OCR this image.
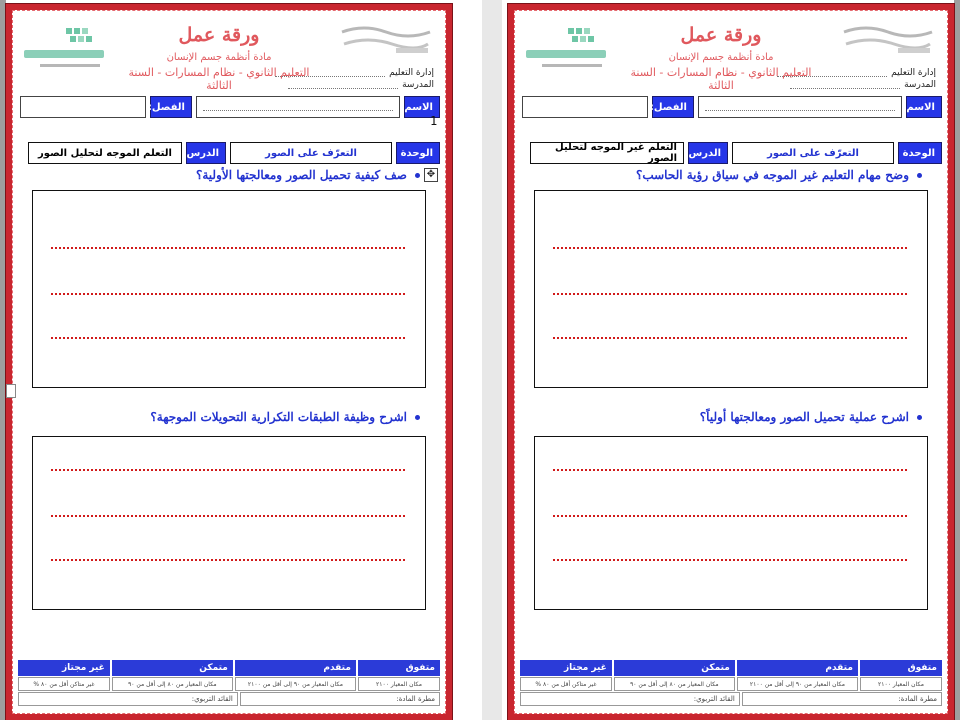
إدارة التعليم
المدرسة
ورقة عمل
مادة أنظمة جسم الإنسان
التعليم الثانوي - نظام المسارات - السنة الثالثة
الاسم:
الفصل:
الوحدة
التعرّف على الصور
الدرس:
التعلم الموجه لتحليل الصور
صف كيفية تحميل الصور ومعالجتها الأولية؟
اشرح وظيفة الطبقات التكرارية التحويلات الموجهة؟
متفوق
متقدم
متمكن
غير مجتاز
مكان المعيار ٢١٠٠
مكان المعيار من ٩٠ إلى أقل من ٢١٠٠
مكان المعيار من ٨٠ إلى أقل من ٩٠
غير متاكن أقل من ٨٠ %
مطرة المادة:
القائد التربوي:
1
✥
إدارة التعليم
المدرسة
ورقة عمل
مادة أنظمة جسم الإنسان
التعليم الثانوي - نظام المسارات - السنة الثالثة
الاسم:
الفصل:
الوحدة
التعرّف على الصور
الدرس:
التعلم غير الموجه لتحليل الصور
وضح مهام التعليم غير الموجه في سياق رؤية الحاسب؟
اشرح عملية تحميل الصور ومعالجتها أولياً؟
متفوق
متقدم
متمكن
غير مجتاز
مكان المعيار ٢١٠٠
مكان المعيار من ٩٠ إلى أقل من ٢١٠٠
مكان المعيار من ٨٠ إلى أقل من ٩٠
غير متاكن أقل من ٨٠ %
مطرة المادة:
القائد التربوي:
